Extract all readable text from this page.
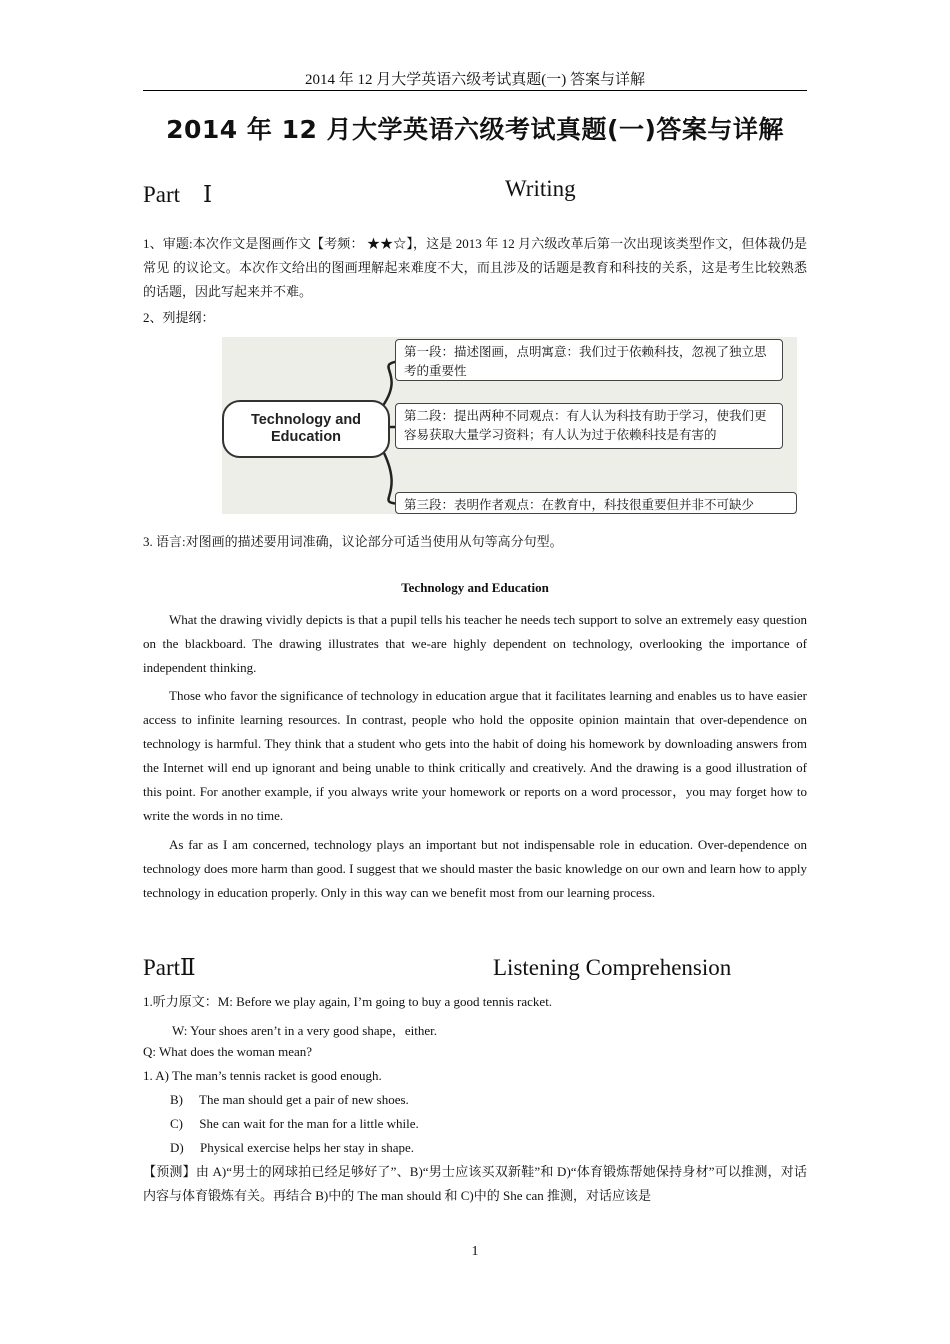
2014 年 12 月大学英语六级考试真题(一) 答案与详解
2014 年 12 月大学英语六级考试真题(一)答案与详解
Part　Ⅰ	Writing
1、审题:本次作文是图画作文【考频： ★★☆】，这是 2013 年 12 月六级改革后第一次出现该类型作文，但体裁仍是常见 的议论文。本次作文给出的图画理解起来难度不大，而且涉及的话题是教育和科技的关系，这是考生比较熟悉的话题，因此写起来并不难。
2、列提纲：
Technology and Education
第一段：描述图画，点明寓意：我们过于依赖科技，忽视了独立思考的重要性
第二段：提出两种不同观点：有人认为科技有助于学习，使我们更容易获取大量学习资料；有人认为过于依赖科技是有害的
第三段：表明作者观点：在教育中，科技很重要但并非不可缺少
3. 语言:对图画的描述要用词准确，议论部分可适当使用从句等高分句型。
Technology and Education
What the drawing vividly depicts is that a pupil tells his teacher he needs tech support to solve an extremely easy question on the blackboard. The drawing illustrates that we-are highly dependent on technology, overlooking the importance of independent thinking.
Those who favor the significance of technology in education argue that it facilitates learning and enables us to have easier access to infinite learning resources. In contrast, people who hold the opposite opinion maintain that over-dependence on technology is harmful. They think that a student who gets into the habit of doing his homework by downloading answers from the Internet will end up ignorant and being unable to think critically and creatively. And the drawing is a good illustration of this point. For another example, if you always write your homework or reports on a word processor，you may forget how to write the words in no time.
As far as I am concerned, technology plays an important but not indispensable role in education. Over-dependence on technology does more harm than good. I suggest that we should master the basic knowledge on our own and learn how to apply technology in education properly. Only in this way can we benefit most from our learning process.
PartⅡ	Listening Comprehension
1.听力原文：M: Before we play again, I’m going to buy a good tennis racket.
W: Your shoes aren’t in a very good shape，either.
Q: What does the woman mean?
1. A) The man’s tennis racket is good enough.
B)     The man should get a pair of new shoes.
C)     She can wait for the man for a little while.
D)     Physical exercise helps her stay in shape.
【预测】由 A)“男士的网球拍已经足够好了”、B)“男士应该买双新鞋”和 D)“体育锻炼帮她保持身材”可以推测，对话 内容与体育锻炼有关。再结合 B)中的 The man should 和 C)中的 She can 推测，对话应该是
1
